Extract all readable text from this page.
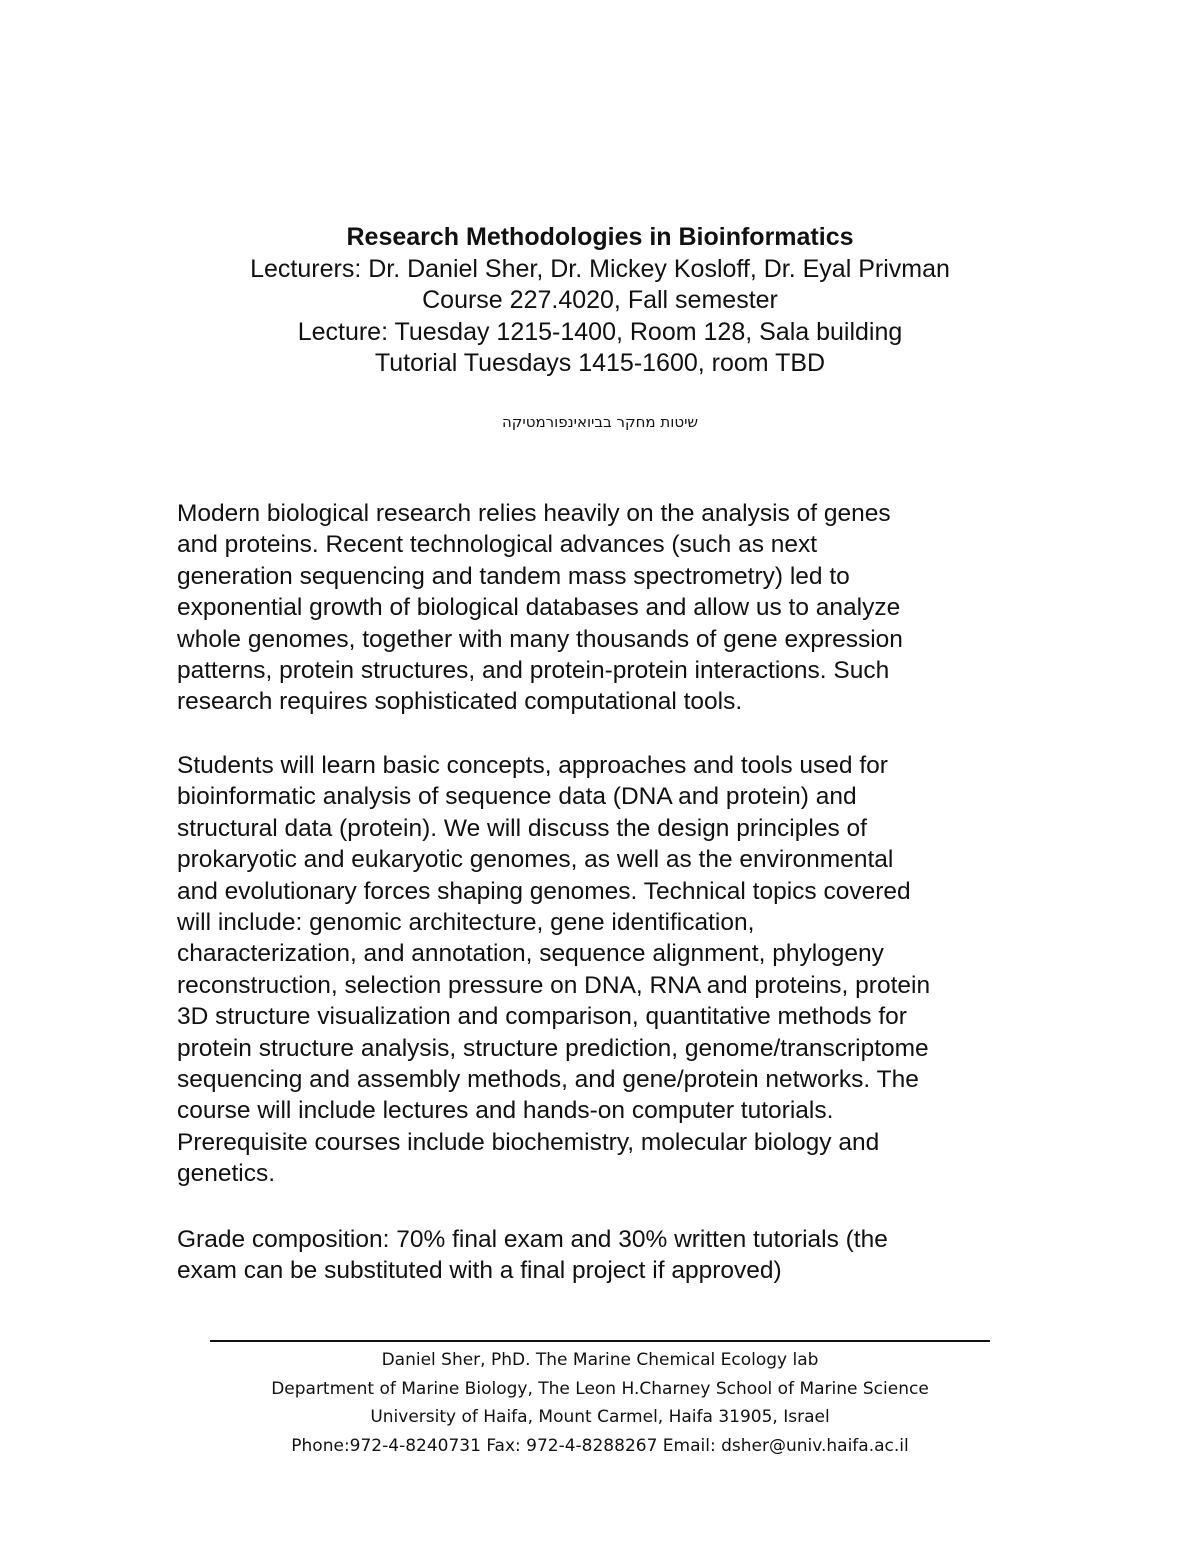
Research Methodologies in Bioinformatics
Lecturers: Dr. Daniel Sher, Dr. Mickey Kosloff, Dr. Eyal Privman
Course 227.4020, Fall semester
Lecture: Tuesday 1215-1400, Room 128, Sala building
Tutorial Tuesdays 1415-1600, room TBD
שיטות מחקר בביואינפורמטיקה
Modern biological research relies heavily on the analysis of genes
and proteins. Recent technological advances (such as next
generation sequencing and tandem mass spectrometry) led to
exponential growth of biological databases and allow us to analyze
whole genomes, together with many thousands of gene expression
patterns, protein structures, and protein-protein interactions. Such
research requires sophisticated computational tools.
Students will learn basic concepts, approaches and tools used for
bioinformatic analysis of sequence data (DNA and protein) and
structural data (protein). We will discuss the design principles of
prokaryotic and eukaryotic genomes, as well as the environmental
and evolutionary forces shaping genomes. Technical topics covered
will include: genomic architecture, gene identification,
characterization, and annotation, sequence alignment, phylogeny
reconstruction, selection pressure on DNA, RNA and proteins, protein
3D structure visualization and comparison, quantitative methods for
protein structure analysis, structure prediction, genome/transcriptome
sequencing and assembly methods, and gene/protein networks. The
course will include lectures and hands-on computer tutorials.
Prerequisite courses include biochemistry, molecular biology and
genetics.
Grade composition: 70% final exam and 30% written tutorials (the
exam can be substituted with a final project if approved)
Daniel Sher, PhD. The Marine Chemical Ecology lab
Department of Marine Biology, The Leon H.Charney School of Marine Science
University of Haifa, Mount Carmel, Haifa 31905, Israel
Phone:972-4-8240731 Fax: 972-4-8288267 Email: dsher@univ.haifa.ac.il
